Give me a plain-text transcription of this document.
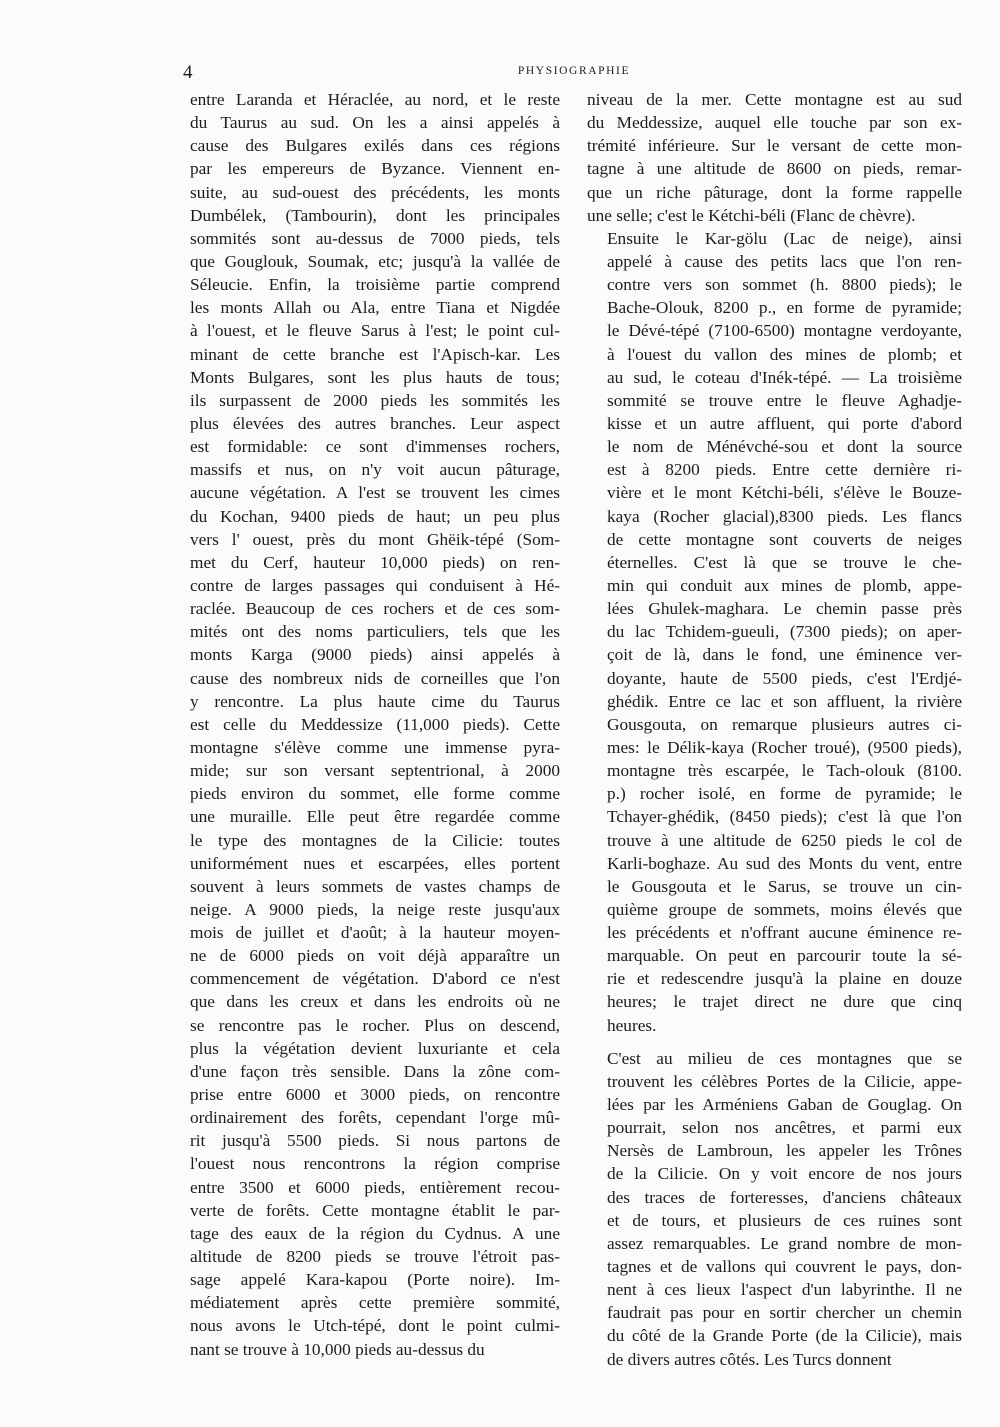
4	PHYSIOGRAPHIE

entre Laranda et Héraclée, au nord, et le reste
du Taurus au sud. On les a ainsi appelés à
cause des Bulgares exilés dans ces régions
par les empereurs de Byzance. Viennent en-
suite, au sud-ouest des précédents, les monts
Dumbélek, (Tambourin), dont les principales
sommités sont au-dessus de 7000 pieds, tels
que Gouglouk, Soumak, etc; jusqu'à la vallée de
Séleucie. Enfin, la troisième partie comprend
les monts Allah ou Ala, entre Tiana et Nigdée
à l'ouest, et le fleuve Sarus à l'est; le point cul-
minant de cette branche est l'Apisch-kar. Les
Monts Bulgares, sont les plus hauts de tous;
ils surpassent de 2000 pieds les sommités les
plus élevées des autres branches. Leur aspect
est formidable: ce sont d'immenses rochers,
massifs et nus, on n'y voit aucun pâturage,
aucune végétation. A l'est se trouvent les cimes
du Kochan, 9400 pieds de haut; un peu plus
vers l' ouest, près du mont Ghëik-tépé (Som-
met du Cerf, hauteur 10,000 pieds) on ren-
contre de larges passages qui conduisent à Hé-
raclée. Beaucoup de ces rochers et de ces som-
mités ont des noms particuliers, tels que les
monts Karga (9000 pieds) ainsi appelés à
cause des nombreux nids de corneilles que l'on
y rencontre. La plus haute cime du Taurus
est celle du Meddessize (11,000 pieds). Cette
montagne s'élève comme une immense pyra-
mide; sur son versant septentrional, à 2000
pieds environ du sommet, elle forme comme
une muraille. Elle peut être regardée comme
le type des montagnes de la Cilicie: toutes
uniformément nues et escarpées, elles portent
souvent à leurs sommets de vastes champs de
neige. A 9000 pieds, la neige reste jusqu'aux
mois de juillet et d'août; à la hauteur moyen-
ne de 6000 pieds on voit déjà apparaître un
commencement de végétation. D'abord ce n'est
que dans les creux et dans les endroits où ne
se rencontre pas le rocher. Plus on descend,
plus la végétation devient luxuriante et cela
d'une façon très sensible. Dans la zône com-
prise entre 6000 et 3000 pieds, on rencontre
ordinairement des forêts, cependant l'orge mû-
rit jusqu'à 5500 pieds. Si nous partons de
l'ouest nous rencontrons la région comprise
entre 3500 et 6000 pieds, entièrement recou-
verte de forêts. Cette montagne établit le par-
tage des eaux de la région du Cydnus. A une
altitude de 8200 pieds se trouve l'étroit pas-
sage appelé Kara-kapou (Porte noire). Im-
médiatement après cette première sommité,
nous avons le Utch-tépé, dont le point culmi-
nant se trouve à 10,000 pieds au-dessus du

niveau de la mer. Cette montagne est au sud
du Meddessize, auquel elle touche par son ex-
trémité inférieure. Sur le versant de cette mon-
tagne à une altitude de 8600 on pieds, remar-
que un riche pâturage, dont la forme rappelle
une selle; c'est le Kétchi-béli (Flanc de chèvre).

Ensuite le Kar-gölu (Lac de neige), ainsi
appelé à cause des petits lacs que l'on ren-
contre vers son sommet (h. 8800 pieds); le
Bache-Olouk, 8200 p., en forme de pyramide;
le Dévé-tépé (7100-6500) montagne verdoyante,
à l'ouest du vallon des mines de plomb; et
au sud, le coteau d'Inék-tépé. — La troisième
sommité se trouve entre le fleuve Aghadje-
kisse et un autre affluent, qui porte d'abord
le nom de Ménévché-sou et dont la source
est à 8200 pieds. Entre cette dernière ri-
vière et le mont Kétchi-béli, s'élève le Bouze-
kaya (Rocher glacial),8300 pieds. Les flancs
de cette montagne sont couverts de neiges
éternelles. C'est là que se trouve le che-
min qui conduit aux mines de plomb, appe-
lées Ghulek-maghara. Le chemin passe près
du lac Tchidem-gueuli, (7300 pieds); on aper-
çoit de là, dans le fond, une éminence ver-
doyante, haute de 5500 pieds, c'est l'Erdjé-
ghédik. Entre ce lac et son affluent, la rivière
Gousgouta, on remarque plusieurs autres ci-
mes: le Délik-kaya (Rocher troué), (9500 pieds),
montagne très escarpée, le Tach-olouk (8100.
p.) rocher isolé, en forme de pyramide; le
Tchayer-ghédik, (8450 pieds); c'est là que l'on
trouve à une altitude de 6250 pieds le col de
Karli-boghaze. Au sud des Monts du vent, entre
le Gousgouta et le Sarus, se trouve un cin-
quième groupe de sommets, moins élevés que
les précédents et n'offrant aucune éminence re-
marquable. On peut en parcourir toute la sé-
rie et redescendre jusqu'à la plaine en douze
heures; le trajet direct ne dure que cinq
heures.

C'est au milieu de ces montagnes que se
trouvent les célèbres Portes de la Cilicie, appe-
lées par les Arméniens Gaban de Gouglag. On
pourrait, selon nos ancêtres, et parmi eux
Nersès de Lambroun, les appeler les Trônes
de la Cilicie. On y voit encore de nos jours
des traces de forteresses, d'anciens châteaux
et de tours, et plusieurs de ces ruines sont
assez remarquables. Le grand nombre de mon-
tagnes et de vallons qui couvrent le pays, don-
nent à ces lieux l'aspect d'un labyrinthe. Il ne
faudrait pas pour en sortir chercher un chemin
du côté de la Grande Porte (de la Cilicie), mais
de divers autres côtés. Les Turcs donnent
